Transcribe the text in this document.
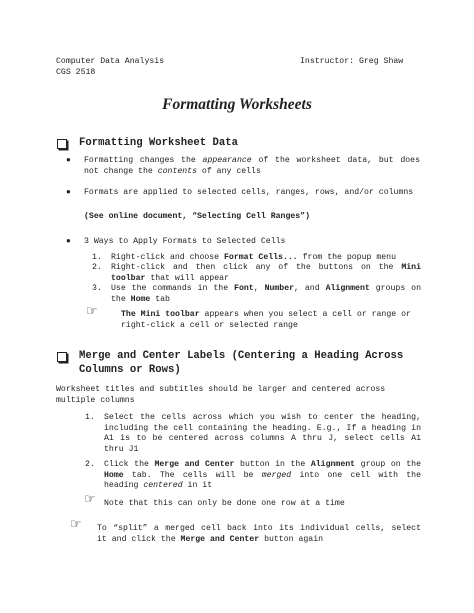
Computer Data Analysis
CGS 2518
Instructor: Greg Shaw
Formatting Worksheets
Formatting Worksheet Data
● Formatting changes the appearance of the worksheet data, but does not change the contents of any cells
● Formats are applied to selected cells, ranges, rows, and/or columns
(See online document, “Selecting Cell Ranges”)
● 3 Ways to Apply Formats to Selected Cells
1. Right-click and choose Format Cells... from the popup menu
2. Right-click and then click any of the buttons on the Mini toolbar that will appear
3. Use the commands in the Font, Number, and Alignment groups on the Home tab
☞	The Mini toolbar appears when you select a cell or range or right-click a cell or selected range
Merge and Center Labels (Centering a Heading Across Columns or Rows)
Worksheet titles and subtitles should be larger and centered across multiple columns
1. Select the cells across which you wish to center the heading, including the cell containing the heading. E.g., If a heading in A1 is to be centered across columns A thru J, select cells A1 thru J1
2. Click the Merge and Center button in the Alignment group on the Home tab. The cells will be merged into one cell with the heading centered in it
☞ Note that this can only be done one row at a time
☞ To “split” a merged cell back into its individual cells, select it and click the Merge and Center button again
